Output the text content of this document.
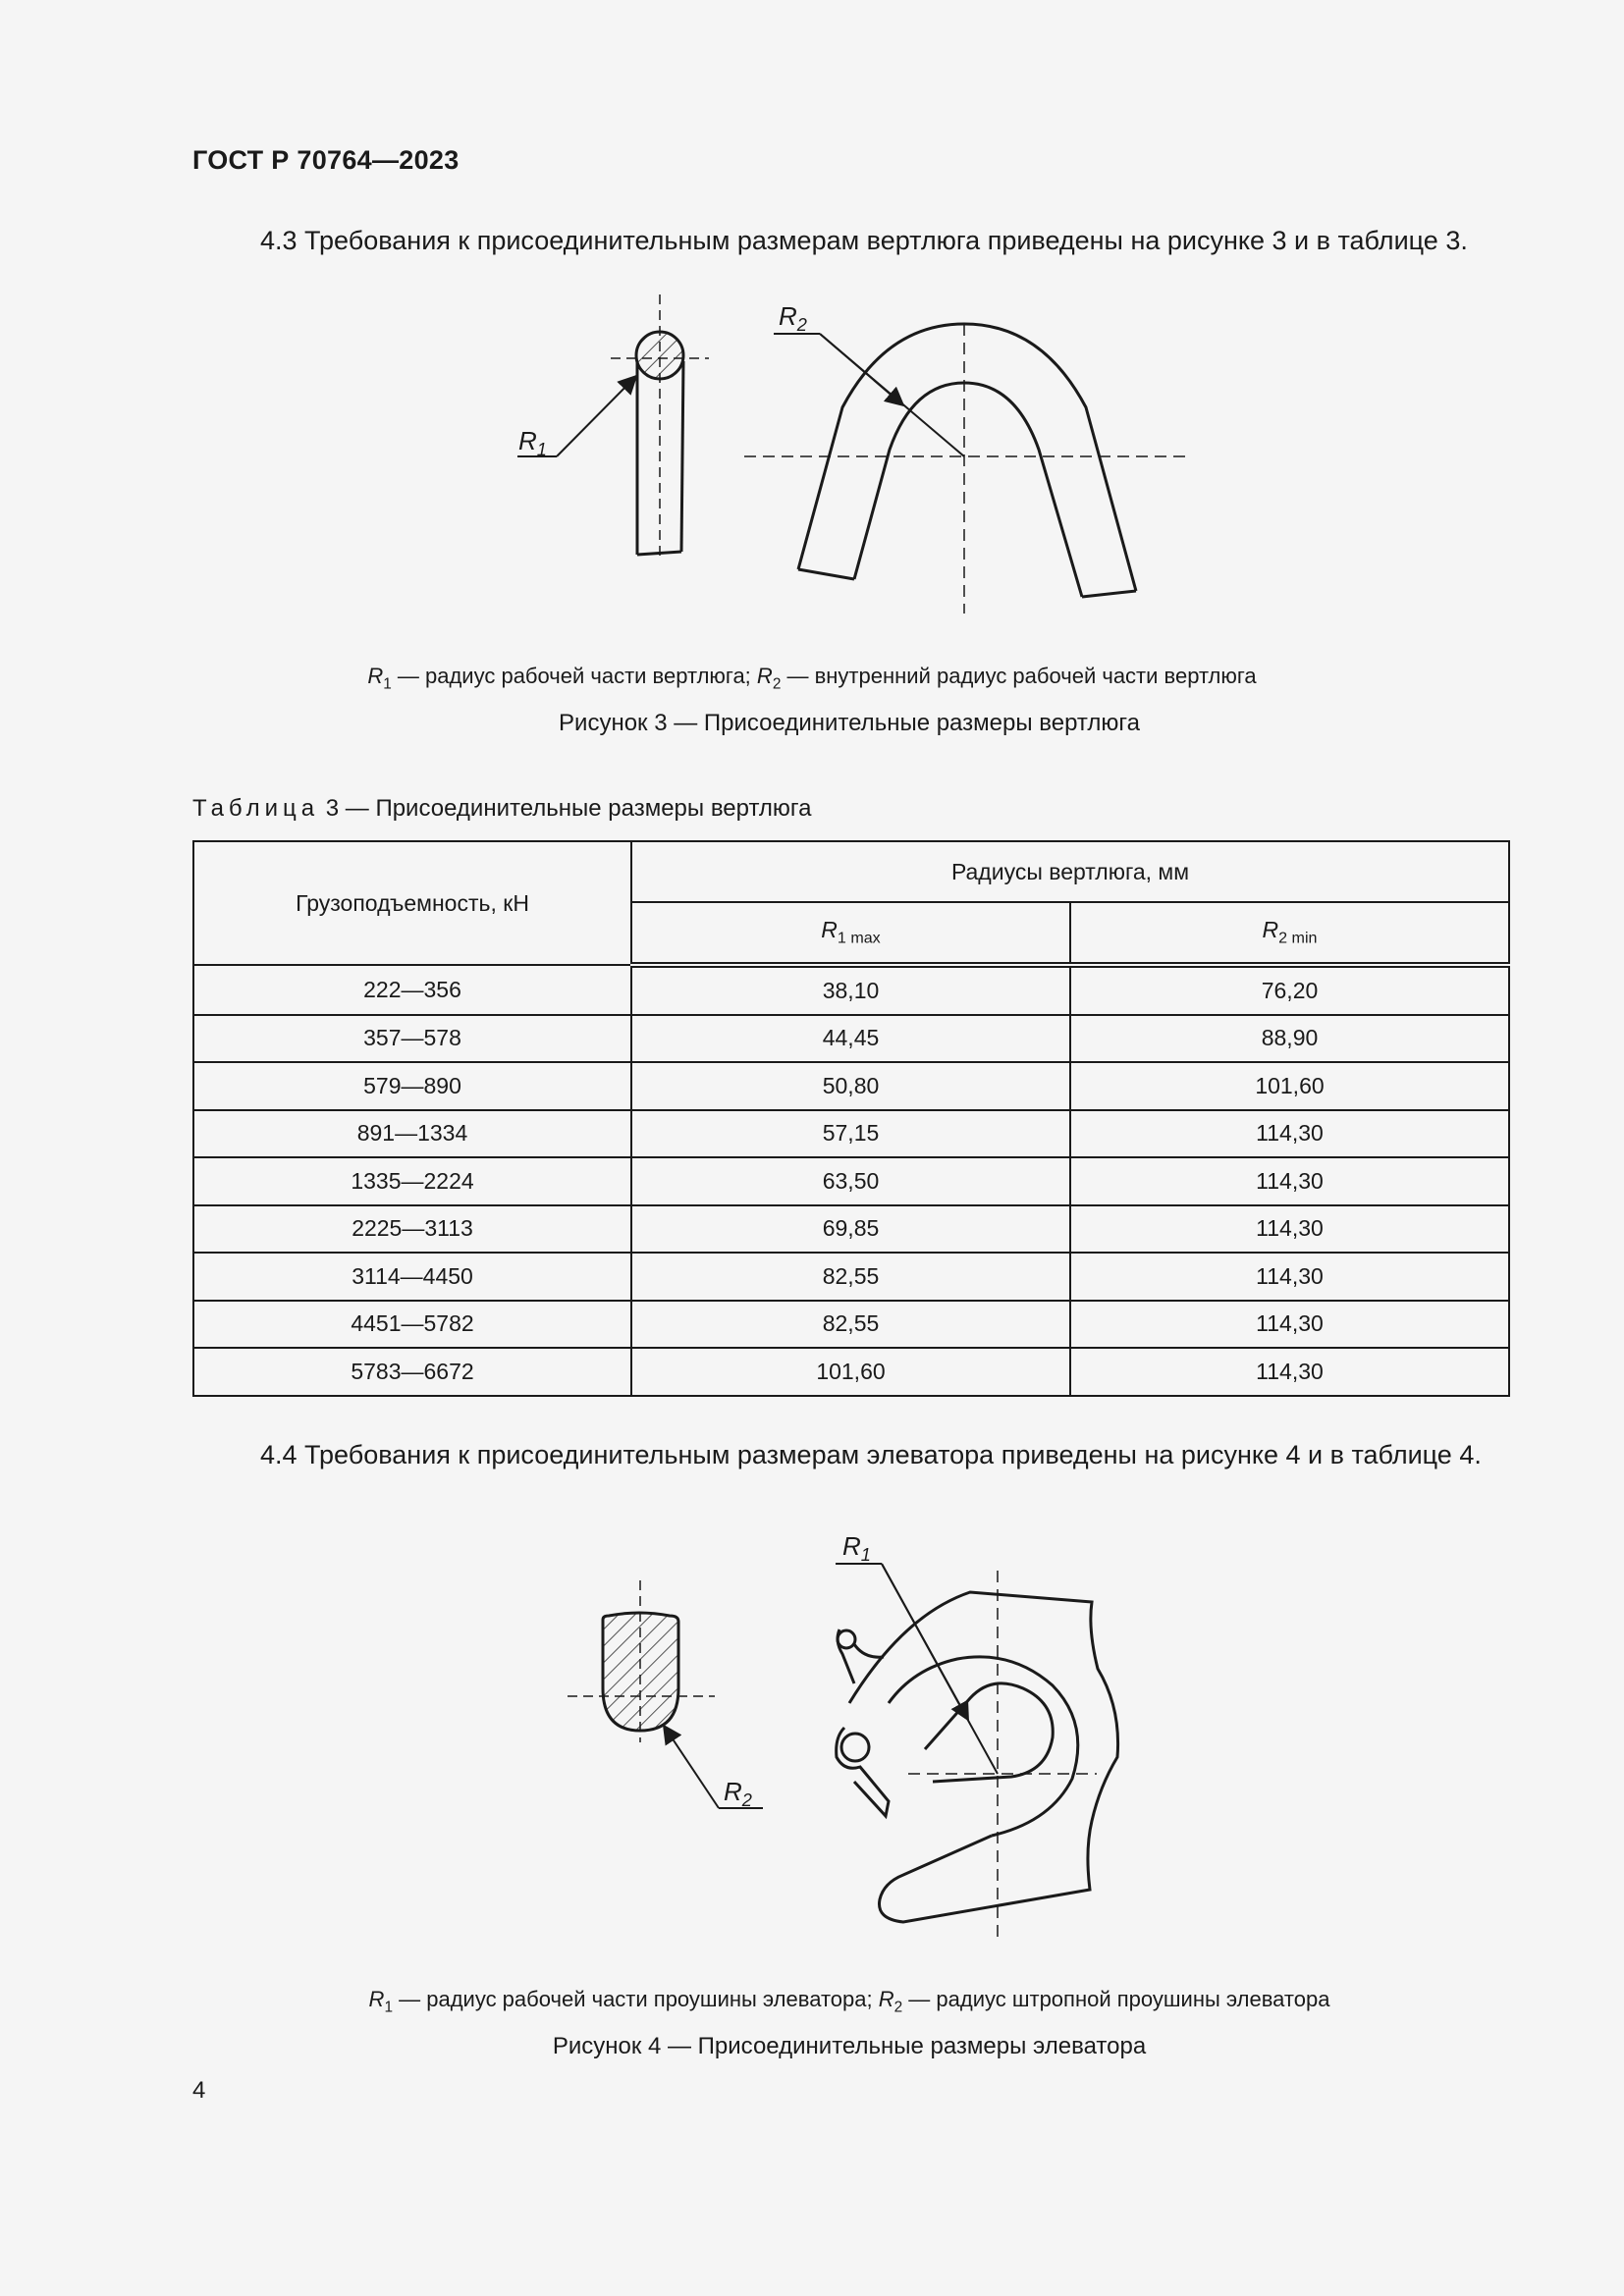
ГОСТ Р 70764—2023
4.3 Требования к присоединительным размерам вертлюга приведены на рисунке 3 и в таблице 3.
$R_1$
$R_2$
$R_1$ — радиус рабочей части вертлюга; $R_2$ — внутренний радиус рабочей части вертлюга
Рисунок 3 — Присоединительные размеры вертлюга
Таблица 3 — Присоединительные размеры вертлюга
Грузоподъемность, кН	Радиусы вертлюга, мм	
	$R_{1 max}$	$R_{2 min}$
222—356	38,10	76,20
357—578	44,45	88,90
579—890	50,80	101,60
891—1334	57,15	114,30
1335—2224	63,50	114,30
2225—3113	69,85	114,30
3114—4450	82,55	114,30
4451—5782	82,55	114,30
5783—6672	101,60	114,30
4.4 Требования к присоединительным размерам элеватора приведены на рисунке 4 и в таблице 4.
$R_1$
$R_2$
$R_1$ — радиус рабочей части проушины элеватора; $R_2$ — радиус штропной проушины элеватора
Рисунок 4 — Присоединительные размеры элеватора
4
